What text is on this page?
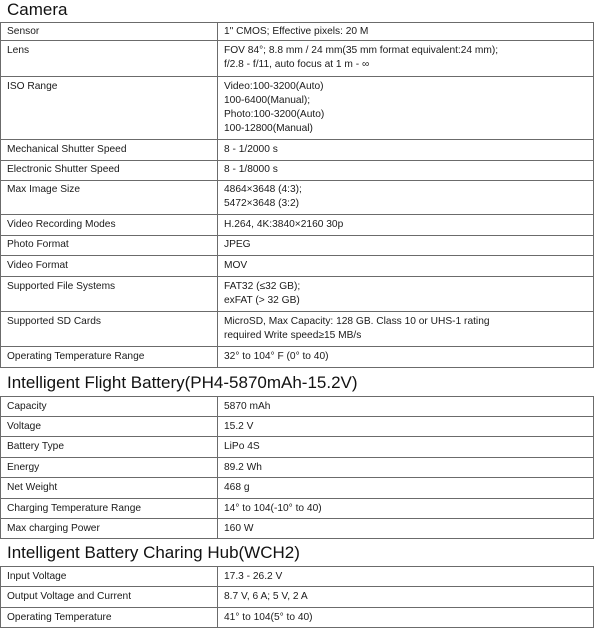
Camera
Sensor	1" CMOS; Effective pixels: 20 M
Lens	FOV 84°; 8.8 mm / 24 mm(35 mm format equivalent:24 mm);
f/2.8 - f/11, auto focus at 1 m - ∞

ISO Range	Video:100-3200(Auto)
100-6400(Manual);
Photo:100-3200(Auto)
100-12800(Manual)

Mechanical Shutter Speed	8 - 1/2000 s
Electronic Shutter Speed	8 - 1/8000 s
Max Image Size	4864×3648 (4:3);
5472×3648 (3:2)

Video Recording Modes	H.264, 4K:3840×2160 30p
Photo Format	JPEG
Video Format	MOV
Supported File Systems	FAT32 (≤32 GB);
exFAT (> 32 GB)

Supported SD Cards	MicroSD, Max Capacity: 128 GB. Class 10 or UHS-1 rating
required Write speed≥15 MB/s

Operating Temperature Range	32° to 104° F (0° to 40)
Intelligent Flight Battery(PH4-5870mAh-15.2V)
Capacity	5870 mAh
Voltage	15.2 V
Battery Type	LiPo 4S
Energy	89.2 Wh
Net Weight	468 g
Charging Temperature Range	14° to 104(-10° to 40)
Max charging Power	160 W
Intelligent Battery Charing Hub(WCH2)
Input Voltage	17.3 - 26.2 V
Output Voltage and Current	8.7 V, 6 A; 5 V, 2 A
Operating Temperature	41° to 104(5° to 40)
